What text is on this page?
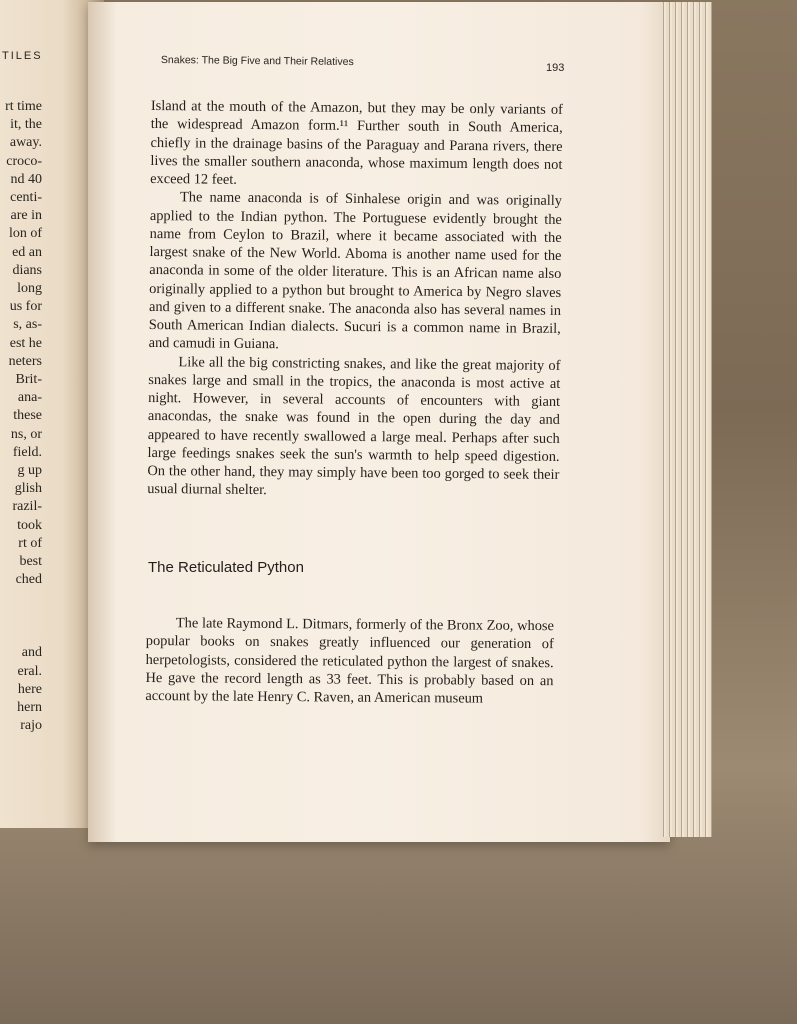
TILES
rt time
it, the
away.
croco-
nd 40
centi-
are in
lon of
ed an
dians
long
us for
s, as-
est he
neters
Brit-
ana-
these
ns, or
field.
g up
glish
razil-
took
rt of
best
ched
and
eral.
here
hern
rajo
Snakes: The Big Five and Their Relatives	193

Island at the mouth of the Amazon, but they may be only variants of the widespread Amazon form.¹¹ Further south in South America, chiefly in the drainage basins of the Paraguay and Parana rivers, there lives the smaller southern anaconda, whose maximum length does not exceed 12 feet.

The name anaconda is of Sinhalese origin and was originally applied to the Indian python. The Portuguese evidently brought the name from Ceylon to Brazil, where it became associated with the largest snake of the New World. Aboma is another name used for the anaconda in some of the older literature. This is an African name also originally applied to a python but brought to America by Negro slaves and given to a different snake. The anaconda also has several names in South American Indian dialects. Sucuri is a common name in Brazil, and camudi in Guiana.

Like all the big constricting snakes, and like the great majority of snakes large and small in the tropics, the anaconda is most active at night. However, in several accounts of encounters with giant anacondas, the snake was found in the open during the day and appeared to have recently swallowed a large meal. Perhaps after such large feedings snakes seek the sun's warmth to help speed digestion. On the other hand, they may simply have been too gorged to seek their usual diurnal shelter.

The Reticulated Python

The late Raymond L. Ditmars, formerly of the Bronx Zoo, whose popular books on snakes greatly influenced our generation of herpetologists, considered the reticulated python the largest of snakes. He gave the record length as 33 feet. This is probably based on an account by the late Henry C. Raven, an American museum
